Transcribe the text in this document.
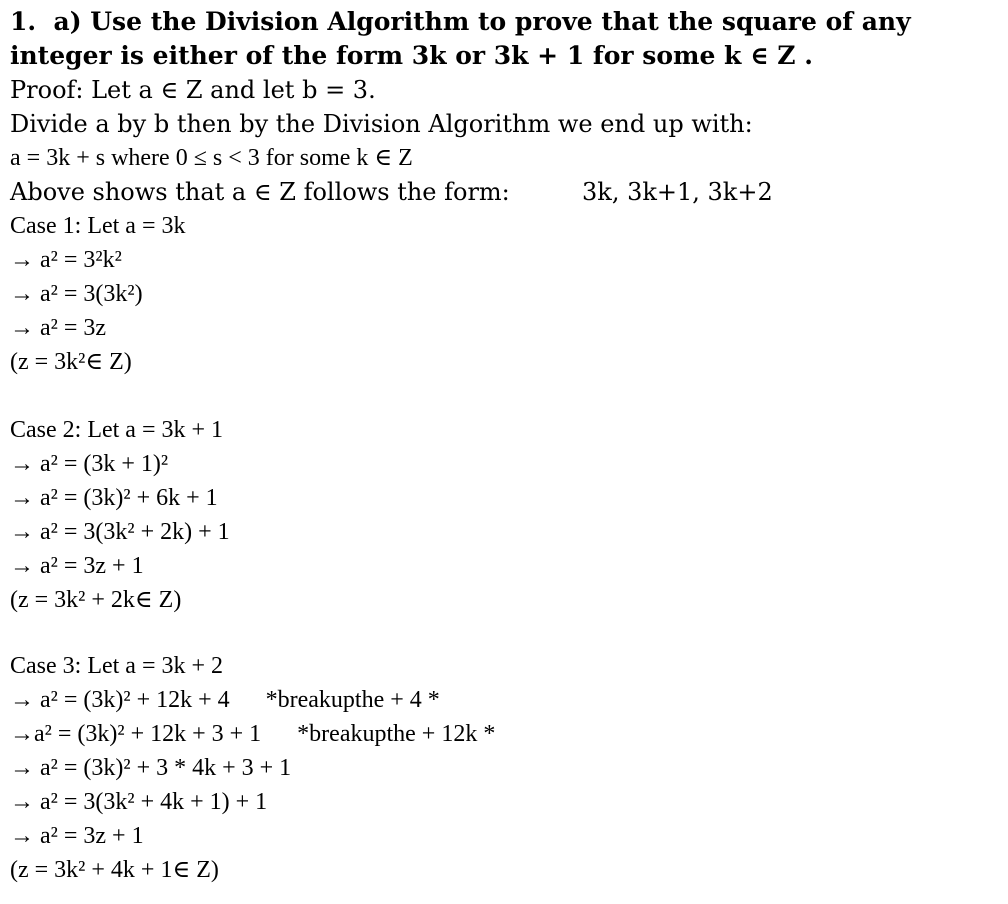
1.  a) Use the Division Algorithm to prove that the square of any
integer is either of the form 3k or 3k + 1 for some k ∈ Z .
Proof: Let a ∈ Z and let b = 3.
Divide a by b then by the Division Algorithm we end up with:
a = 3k + s where 0 ≤ s < 3 for some k ∈ Z
Above shows that a ∈ Z follows the form:	3k, 3k+1, 3k+2
Case 1: Let a = 3k
→ a² = 3²k²
→ a² = 3(3k²)
→ a² = 3z
(z = 3k²∈ Z)
Case 2: Let a = 3k + 1
→ a² = (3k + 1)²
→ a² = (3k)² + 6k + 1
→ a² = 3(3k² + 2k) + 1
→ a² = 3z + 1
(z = 3k² + 2k∈ Z)
Case 3: Let a = 3k + 2
→ a² = (3k)² + 12k + 4      *breakupthe + 4 *
→a² = (3k)² + 12k + 3 + 1      *breakupthe + 12k *
→ a² = (3k)² + 3 * 4k + 3 + 1
→ a² = 3(3k² + 4k + 1) + 1
→ a² = 3z + 1
(z = 3k² + 4k + 1∈ Z)
